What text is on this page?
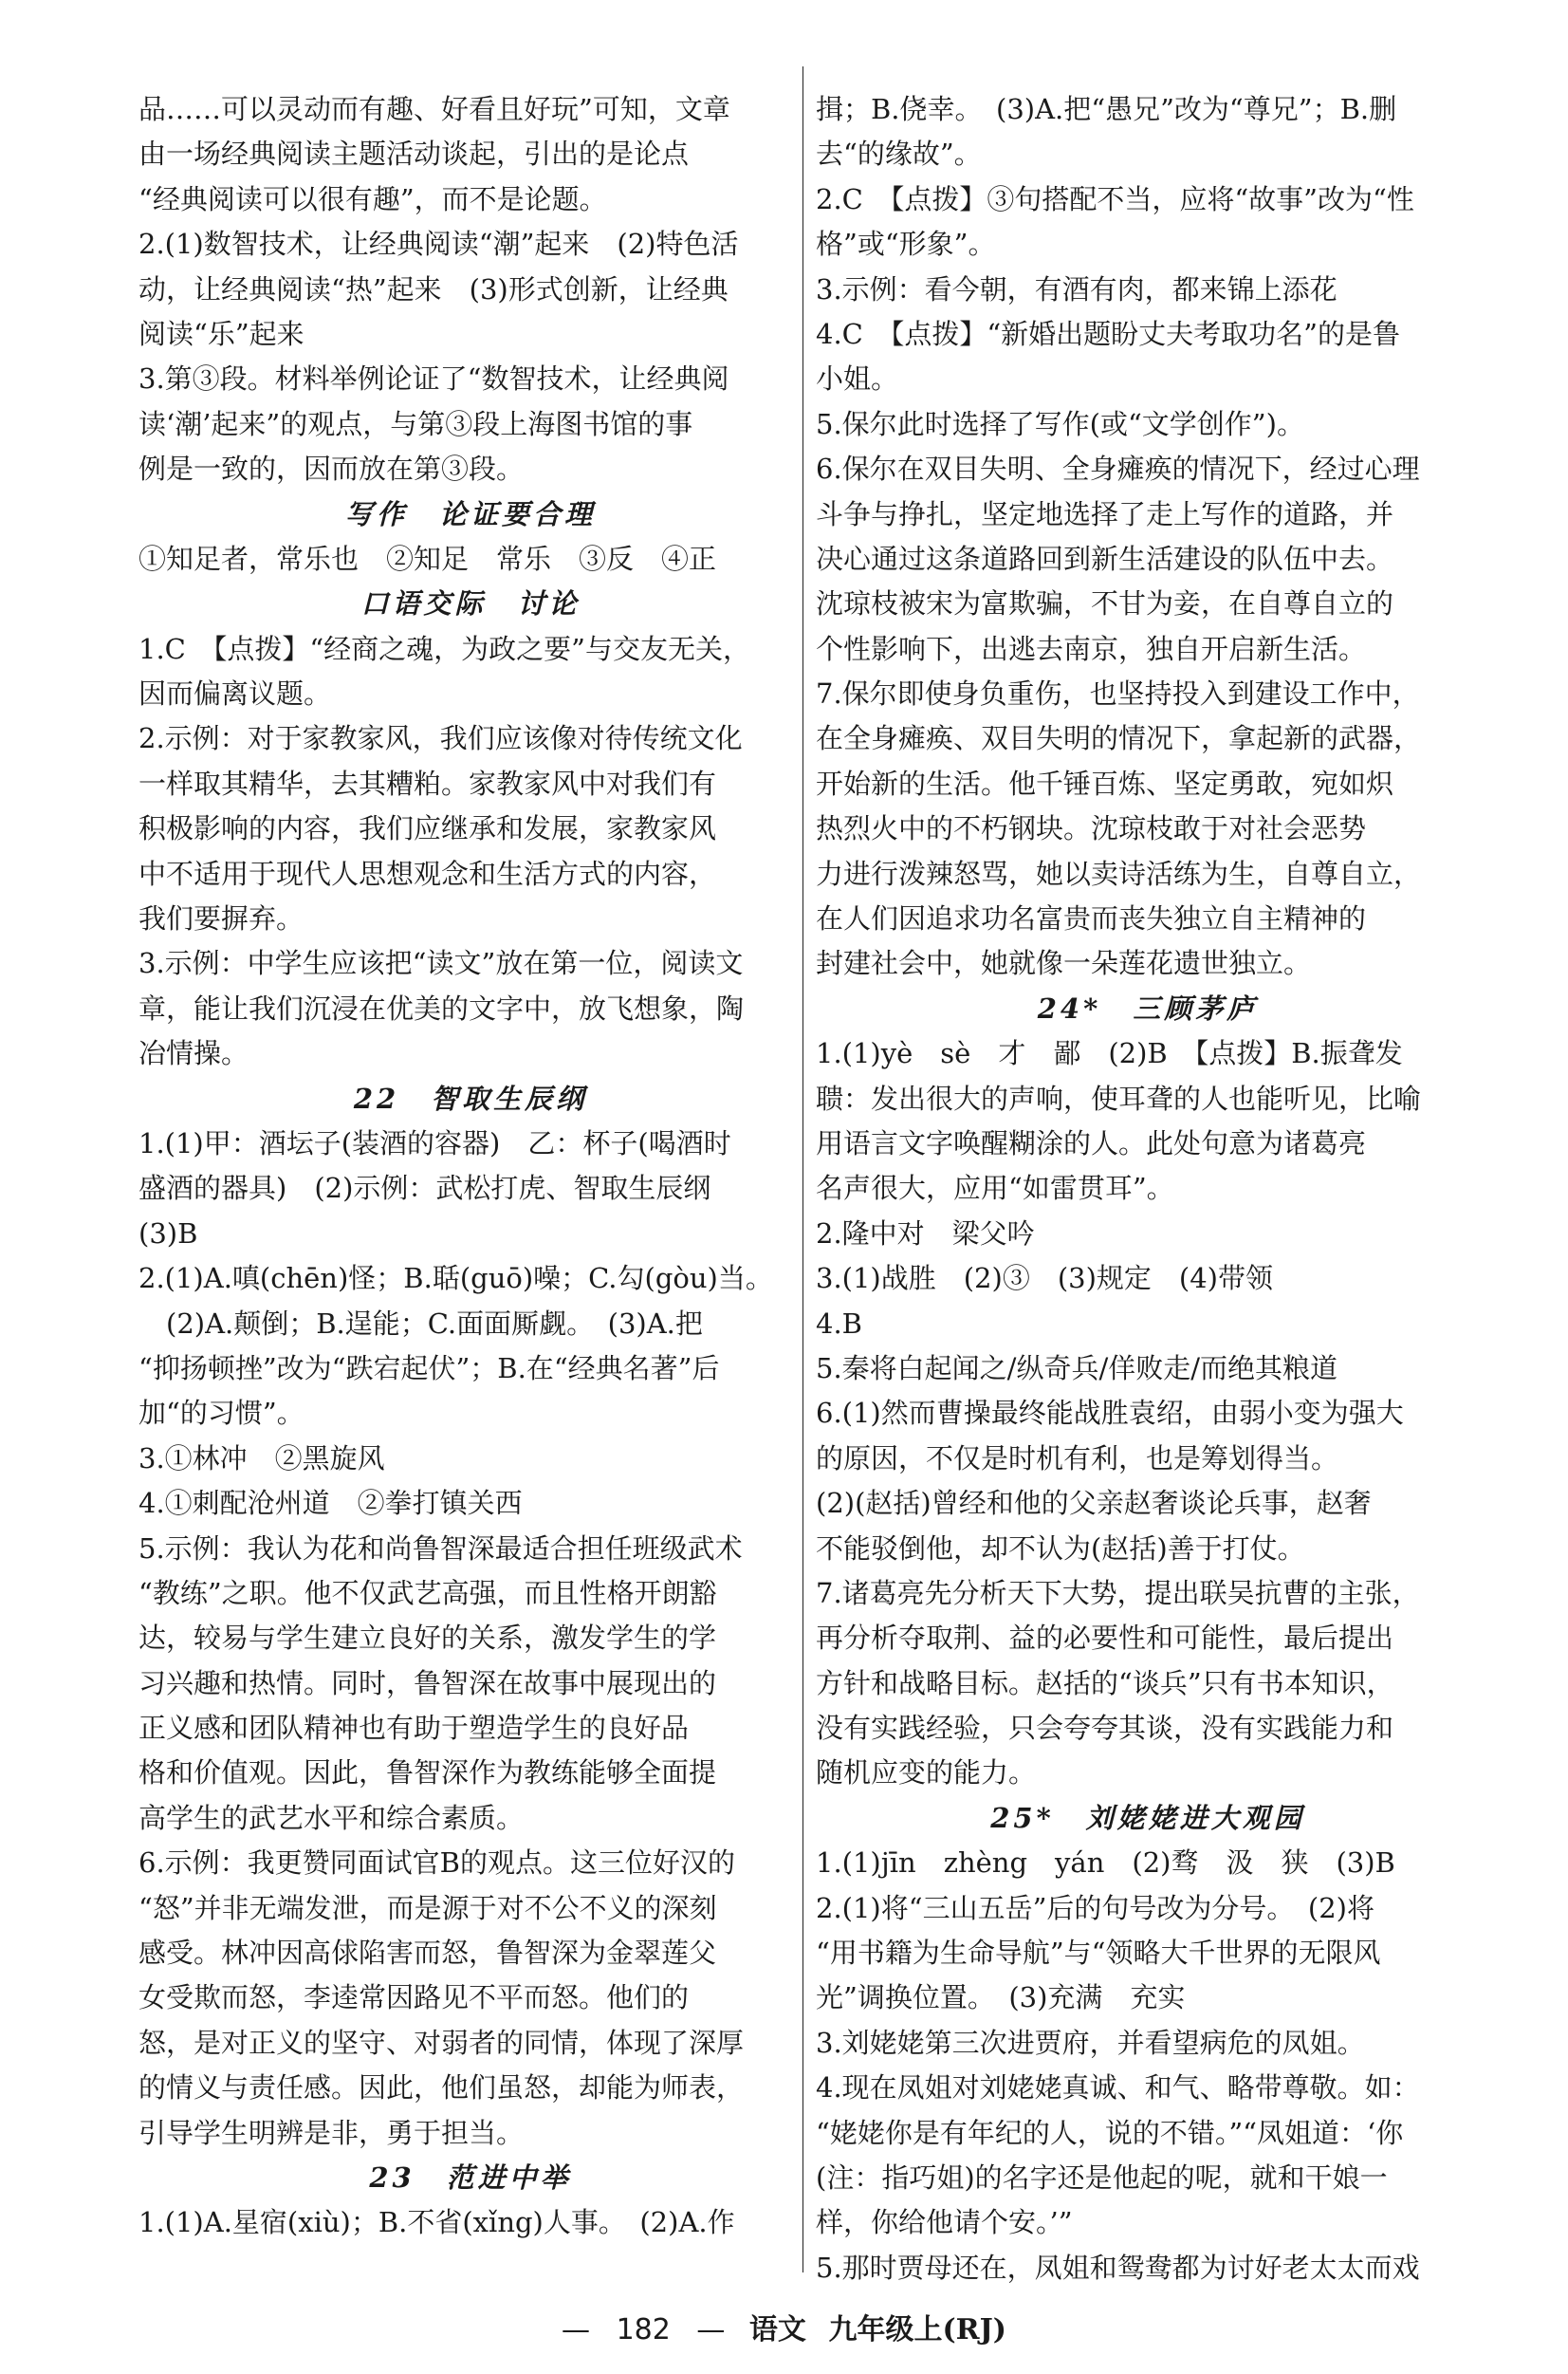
品……可以灵动而有趣、好看且好玩”可知，文章
由一场经典阅读主题活动谈起，引出的是论点
“经典阅读可以很有趣”，而不是论题。
2.(1)数智技术，让经典阅读“潮”起来　(2)特色活
动，让经典阅读“热”起来　(3)形式创新，让经典
阅读“乐”起来
3.第③段。材料举例论证了“数智技术，让经典阅
读‘潮’起来”的观点，与第③段上海图书馆的事
例是一致的，因而放在第③段。
写作　论证要合理
①知足者，常乐也　②知足　常乐　③反　④正
口语交际　讨论
1.C　【点拨】“经商之魂，为政之要”与交友无关，
因而偏离议题。
2.示例：对于家教家风，我们应该像对待传统文化
一样取其精华，去其糟粕。家教家风中对我们有
积极影响的内容，我们应继承和发展，家教家风
中不适用于现代人思想观念和生活方式的内容，
我们要摒弃。
3.示例：中学生应该把“读文”放在第一位，阅读文
章，能让我们沉浸在优美的文字中，放飞想象，陶
冶情操。
22　智取生辰纲
1.(1)甲：酒坛子(装酒的容器)　乙：杯子(喝酒时
盛酒的器具)　(2)示例：武松打虎、智取生辰纲
(3)B
2.(1)A.嗔(chēn)怪；B.聒(guō)噪；C.勾(gòu)当。
　(2)A.颠倒；B.逞能；C.面面厮觑。　(3)A.把
“抑扬顿挫”改为“跌宕起伏”；B.在“经典名著”后
加“的习惯”。
3.①林冲　②黑旋风
4.①刺配沧州道　②拳打镇关西
5.示例：我认为花和尚鲁智深最适合担任班级武术
“教练”之职。他不仅武艺高强，而且性格开朗豁
达，较易与学生建立良好的关系，激发学生的学
习兴趣和热情。同时，鲁智深在故事中展现出的
正义感和团队精神也有助于塑造学生的良好品
格和价值观。因此，鲁智深作为教练能够全面提
高学生的武艺水平和综合素质。
6.示例：我更赞同面试官B的观点。这三位好汉的
“怒”并非无端发泄，而是源于对不公不义的深刻
感受。林冲因高俅陷害而怒，鲁智深为金翠莲父
女受欺而怒，李逵常因路见不平而怒。他们的
怒，是对正义的坚守、对弱者的同情，体现了深厚
的情义与责任感。因此，他们虽怒，却能为师表，
引导学生明辨是非，勇于担当。
23　范进中举
1.(1)A.星宿(xiù)；B.不省(xǐng)人事。　(2)A.作
揖；B.侥幸。　(3)A.把“愚兄”改为“尊兄”；B.删
去“的缘故”。
2.C　【点拨】③句搭配不当，应将“故事”改为“性
格”或“形象”。
3.示例：看今朝，有酒有肉，都来锦上添花
4.C　【点拨】“新婚出题盼丈夫考取功名”的是鲁
小姐。
5.保尔此时选择了写作(或“文学创作”)。
6.保尔在双目失明、全身瘫痪的情况下，经过心理
斗争与挣扎，坚定地选择了走上写作的道路，并
决心通过这条道路回到新生活建设的队伍中去。
沈琼枝被宋为富欺骗，不甘为妾，在自尊自立的
个性影响下，出逃去南京，独自开启新生活。
7.保尔即使身负重伤，也坚持投入到建设工作中，
在全身瘫痪、双目失明的情况下，拿起新的武器，
开始新的生活。他千锤百炼、坚定勇敢，宛如炽
热烈火中的不朽钢块。沈琼枝敢于对社会恶势
力进行泼辣怒骂，她以卖诗活练为生，自尊自立，
在人们因追求功名富贵而丧失独立自主精神的
封建社会中，她就像一朵莲花遗世独立。
24*　三顾茅庐
1.(1)yè　sè　才　鄙　(2)B　【点拨】B.振聋发
聩：发出很大的声响，使耳聋的人也能听见，比喻
用语言文字唤醒糊涂的人。此处句意为诸葛亮
名声很大，应用“如雷贯耳”。
2.隆中对　梁父吟
3.(1)战胜　(2)③　(3)规定　(4)带领
4.B
5.秦将白起闻之/纵奇兵/佯败走/而绝其粮道
6.(1)然而曹操最终能战胜袁绍，由弱小变为强大
的原因，不仅是时机有利，也是筹划得当。
(2)(赵括)曾经和他的父亲赵奢谈论兵事，赵奢
不能驳倒他，却不认为(赵括)善于打仗。
7.诸葛亮先分析天下大势，提出联吴抗曹的主张，
再分析夺取荆、益的必要性和可能性，最后提出
方针和战略目标。赵括的“谈兵”只有书本知识，
没有实践经验，只会夸夸其谈，没有实践能力和
随机应变的能力。
25*　刘姥姥进大观园
1.(1)jīn　zhèng　yán　(2)骛　汲　狭　(3)B
2.(1)将“三山五岳”后的句号改为分号。　(2)将
“用书籍为生命导航”与“领略大千世界的无限风
光”调换位置。　(3)充满　充实
3.刘姥姥第三次进贾府，并看望病危的凤姐。
4.现在凤姐对刘姥姥真诚、和气、略带尊敬。如：
“姥姥你是有年纪的人，说的不错。”“凤姐道：‘你
(注：指巧姐)的名字还是他起的呢，就和干娘一
样，你给他请个安。’”
5.那时贾母还在，凤姐和鸳鸯都为讨好老太太而戏
— 182 — 语文 九年级上(RJ)
